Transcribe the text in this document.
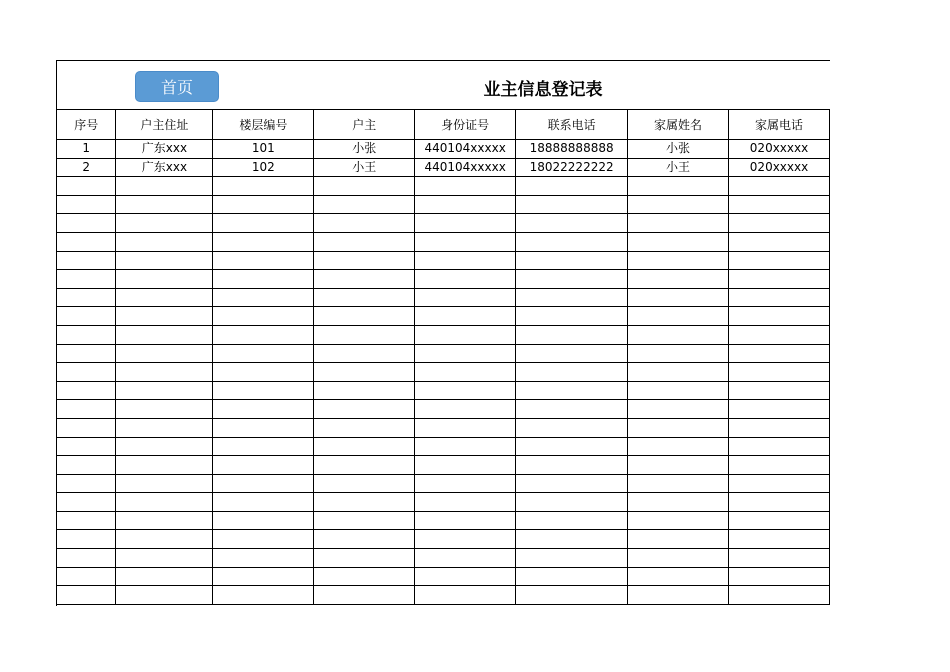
首页	业主信息登记表
序号	户主住址	楼层编号	户主	身份证号	联系电话	家属姓名	家属电话
1	广东xxx	101	小张	440104xxxxx	18888888888	小张	020xxxxx
2	广东xxx	102	小王	440104xxxxx	18022222222	小王	020xxxxx
